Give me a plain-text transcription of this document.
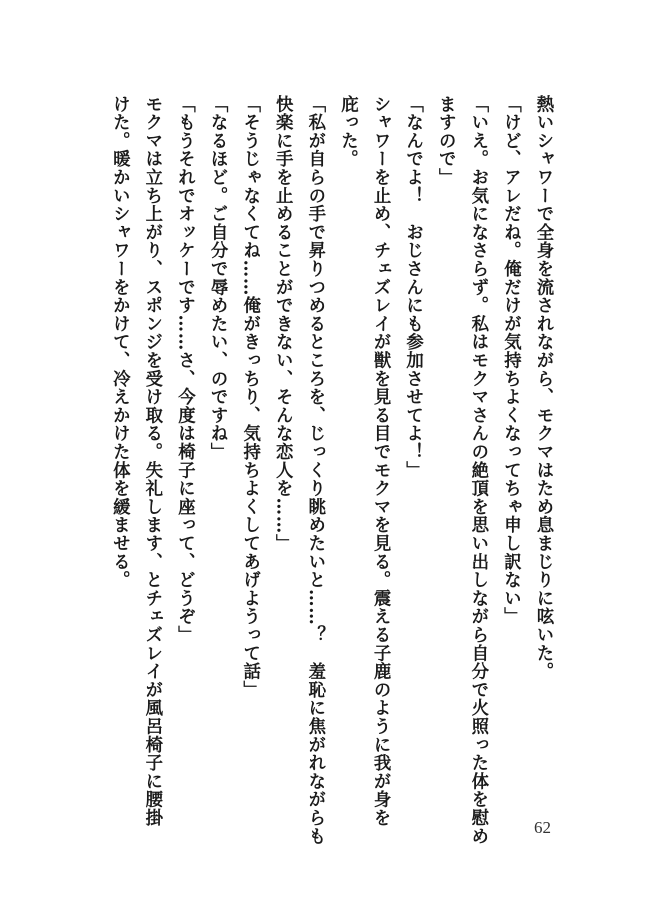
熱いシャワーで全身を流されながら、モクマはため息まじりに呟いた。
「けど、アレだね。俺だけが気持ちよくなってちゃ申し訳ない」
「いえ。お気になさらず。私はモクマさんの絶頂を思い出しながら自分で火照った体を慰め
ますので」
「なんでよ！　おじさんにも参加させてよ！」
シャワーを止め、チェズレイが獣を見る目でモクマを見る。震える子鹿のように我が身を
庇った。
「私が自らの手で昇りつめるところを、じっくり眺めたいと……？　羞恥に焦がれながらも
快楽に手を止めることができない、そんな恋人を……」
「そうじゃなくてね……俺がきっちり、気持ちよくしてあげようって話」
「なるほど。ご自分で辱めたい、のですね」
「もうそれでオッケーです……さ、今度は椅子に座って、どうぞ」
モクマは立ち上がり、スポンジを受け取る。失礼します、とチェズレイが風呂椅子に腰掛
けた。暖かいシャワーをかけて、冷えかけた体を緩ませる。
62
